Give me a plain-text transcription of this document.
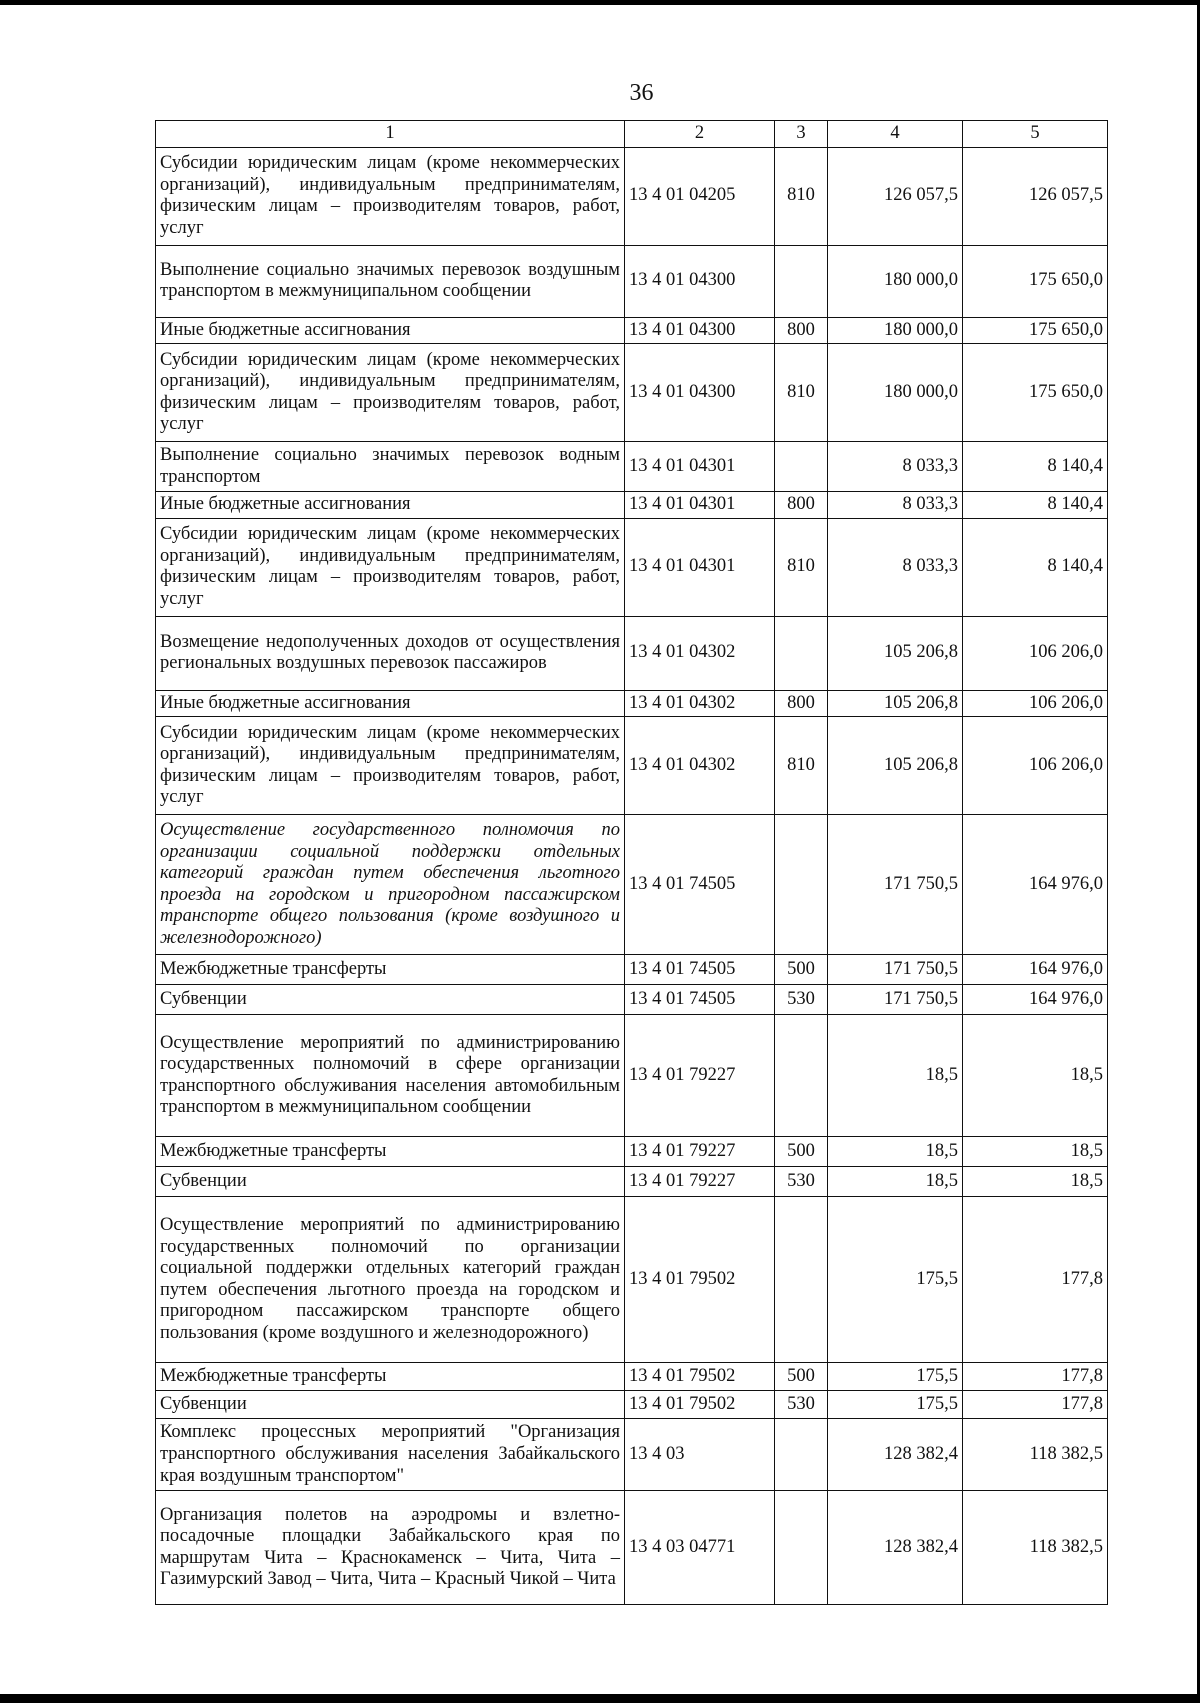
36
1	2	3	4	5
Субсидии юридическим лицам (кроме некоммерческих организаций), индивидуальным предпринимателям, физическим лицам – производителям товаров, работ, услуг	13 4 01 04205	810	126 057,5	126 057,5
Выполнение социально значимых перевозок воздушным транспортом в межмуниципальном сообщении	13 4 01 04300		180 000,0	175 650,0
Иные бюджетные ассигнования	13 4 01 04300	800	180 000,0	175 650,0
Субсидии юридическим лицам (кроме некоммерческих организаций), индивидуальным предпринимателям, физическим лицам – производителям товаров, работ, услуг	13 4 01 04300	810	180 000,0	175 650,0
Выполнение социально значимых перевозок водным транспортом	13 4 01 04301		8 033,3	8 140,4
Иные бюджетные ассигнования	13 4 01 04301	800	8 033,3	8 140,4
Субсидии юридическим лицам (кроме некоммерческих организаций), индивидуальным предпринимателям, физическим лицам – производителям товаров, работ, услуг	13 4 01 04301	810	8 033,3	8 140,4
Возмещение недополученных доходов от осуществления региональных воздушных перевозок пассажиров	13 4 01 04302		105 206,8	106 206,0
Иные бюджетные ассигнования	13 4 01 04302	800	105 206,8	106 206,0
Субсидии юридическим лицам (кроме некоммерческих организаций), индивидуальным предпринимателям, физическим лицам – производителям товаров, работ, услуг	13 4 01 04302	810	105 206,8	106 206,0
Осуществление государственного полномочия по организации социальной поддержки отдельных категорий граждан путем обеспечения льготного проезда на городском и пригородном пассажирском транспорте общего пользования (кроме воздушного и железнодорожного)	13 4 01 74505		171 750,5	164 976,0
Межбюджетные трансферты	13 4 01 74505	500	171 750,5	164 976,0
Субвенции	13 4 01 74505	530	171 750,5	164 976,0
Осуществление мероприятий по администрированию государственных полномочий в сфере организации транспортного обслуживания населения автомобильным транспортом в межмуниципальном сообщении	13 4 01 79227		18,5	18,5
Межбюджетные трансферты	13 4 01 79227	500	18,5	18,5
Субвенции	13 4 01 79227	530	18,5	18,5
Осуществление мероприятий по администрированию государственных полномочий по организации социальной поддержки отдельных категорий граждан путем обеспечения льготного проезда на городском и пригородном пассажирском транспорте общего пользования (кроме воздушного и железнодорожного)	13 4 01 79502		175,5	177,8
Межбюджетные трансферты	13 4 01 79502	500	175,5	177,8
Субвенции	13 4 01 79502	530	175,5	177,8
Комплекс процессных мероприятий "Организация транспортного обслуживания населения Забайкальского края воздушным транспортом"	13 4 03		128 382,4	118 382,5
Организация полетов на аэродромы и взлетно-посадочные площадки Забайкальского края по маршрутам Чита – Краснокаменск – Чита, Чита – Газимурский Завод – Чита, Чита – Красный Чикой – Чита	13 4 03 04771		128 382,4	118 382,5
